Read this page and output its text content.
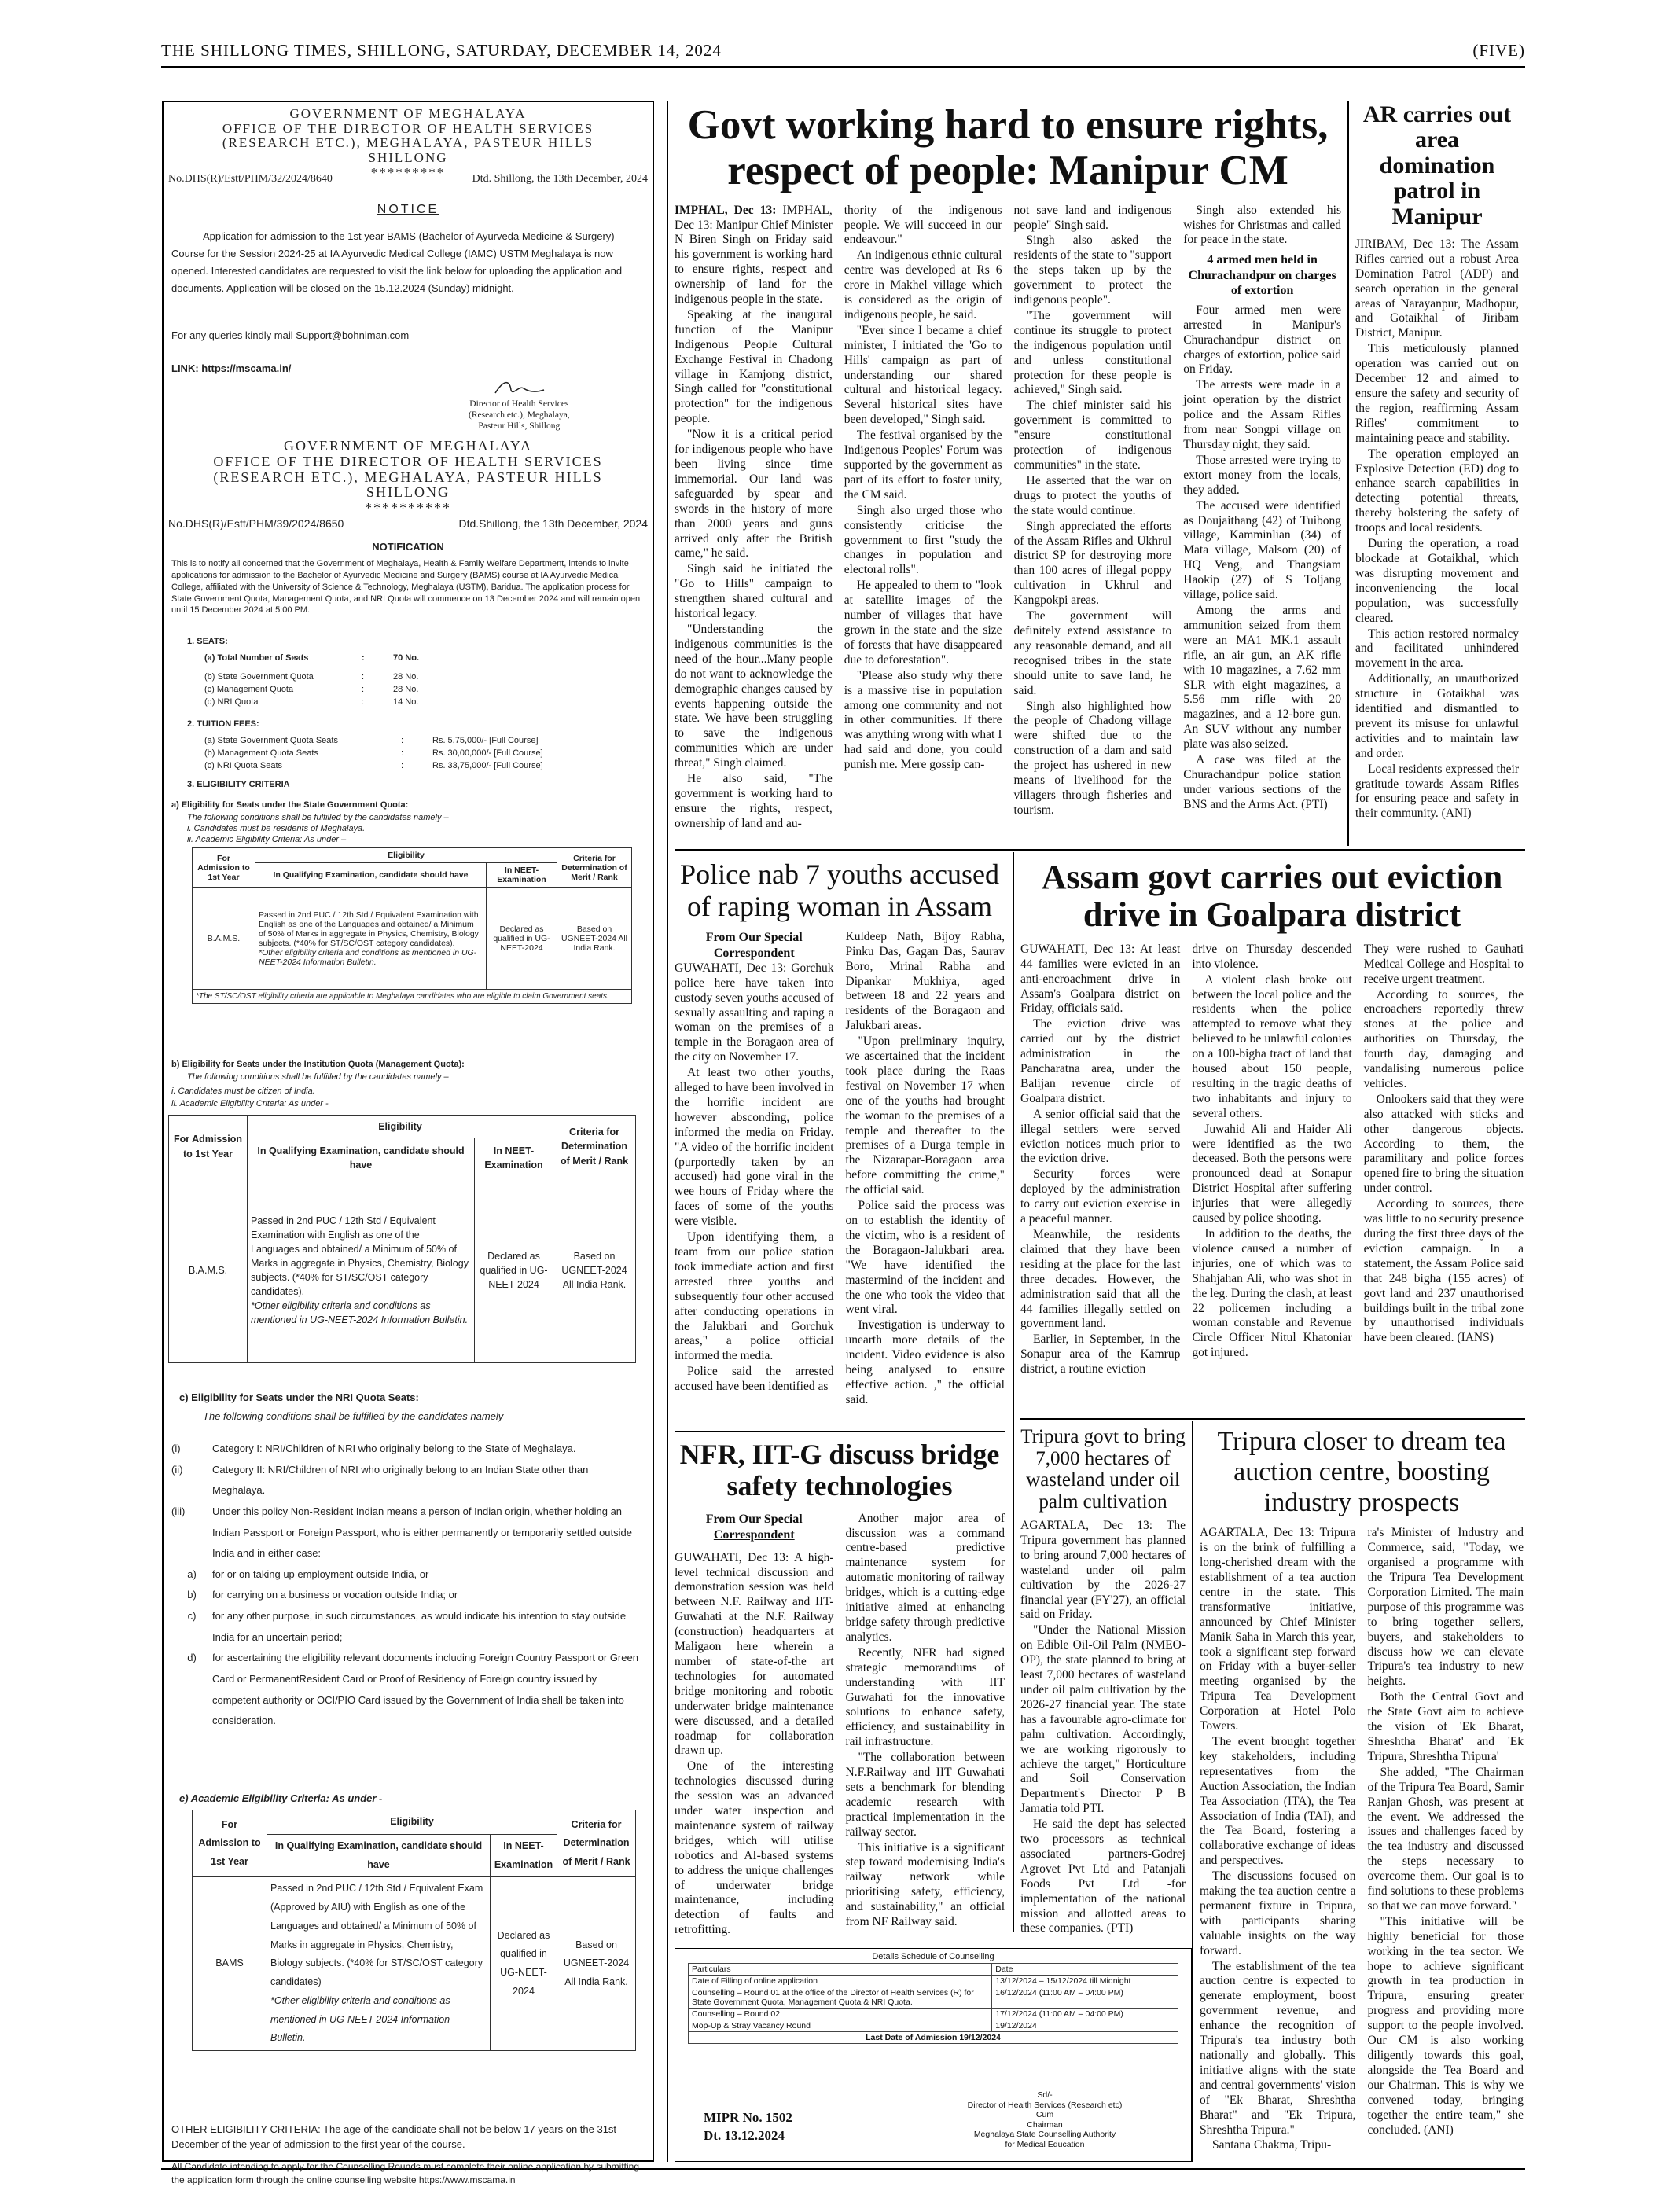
THE SHILLONG TIMES, SHILLONG, SATURDAY, DECEMBER 14, 2024	(FIVE)
GOVERNMENT OF MEGHALAYA
OFFICE OF THE DIRECTOR OF HEALTH SERVICES
(RESEARCH ETC.), MEGHALAYA, PASTEUR HILLS
SHILLONG
*********
No.DHS(R)/Estt/PHM/32/2024/8640	Dtd. Shillong, the 13th December, 2024
NOTICE
Application for admission to the 1st year BAMS (Bachelor of Ayurveda Medicine & Surgery) Course for the Session 2024-25 at IA Ayurvedic Medical College (IAMC) USTM Meghalaya is now opened. Interested candidates are requested to visit the link below for uploading the application and documents. Application will be closed on the 15.12.2024 (Sunday) midnight.
For any queries kindly mail Support@bohniman.com
LINK: https://mscama.in/
Director of Health Services
(Research etc.), Meghalaya,
Pasteur Hills, Shillong
GOVERNMENT OF MEGHALAYA
OFFICE OF THE DIRECTOR OF HEALTH SERVICES
(RESEARCH ETC.), MEGHALAYA, PASTEUR HILLS
SHILLONG
**********
No.DHS(R)/Estt/PHM/39/2024/8650	Dtd.Shillong, the 13th December, 2024
NOTIFICATION
This is to notify all concerned that the Government of Meghalaya, Health & Family Welfare Department, intends to invite applications for admission to the Bachelor of Ayurvedic Medicine and Surgery (BAMS) course at IA Ayurvedic Medical College, affiliated with the University of Science & Technology, Meghalaya (USTM), Baridua. The application process for State Government Quota, Management Quota, and NRI Quota will commence on 13 December 2024 and will remain open until 15 December 2024 at 5:00 PM.
1. SEATS:
(a) Total Number of Seats	:	70 No.
(b) State Government Quota	:	28 No.
(c) Management Quota	:	28 No.
(d) NRI Quota	:	14 No.
2. TUITION FEES:
(a) State Government Quota Seats	:	Rs. 5,75,000/- [Full Course]
(b) Management Quota Seats	:	Rs. 30,00,000/- [Full Course]
(c) NRI Quota Seats	:	Rs. 33,75,000/- [Full Course]
3. ELIGIBILITY CRITERIA
a) Eligibility for Seats under the State Government Quota:
The following conditions shall be fulfilled by the candidates namely –
i. Candidates must be residents of Meghalaya.
ii. Academic Eligibility Criteria: As under –
For Admission to 1st Year	Eligibility		Criteria for Determination of Merit / Rank
	In Qualifying Examination, candidate should have	In NEET-Examination	
B.A.M.S.	Passed in 2nd PUC / 12th Std / Equivalent Examination with English as one of the Languages and obtained/ a Minimum of 50% of Marks in aggregate in Physics, Chemistry, Biology subjects. (*40% for ST/SC/OST category candidates).
*Other eligibility criteria and conditions as mentioned in UG-NEET-2024 Information Bulletin.	Declared as qualified in UG-NEET-2024	Based on UGNEET-2024 All India Rank.
*The ST/SC/OST eligibility criteria are applicable to Meghalaya candidates who are eligible to claim Government seats.			
b) Eligibility for Seats under the Institution Quota (Management Quota):
The following conditions shall be fulfilled by the candidates namely –
i. Candidates must be citizen of India.
ii. Academic Eligibility Criteria: As under -
For Admission to 1st Year	Eligibility		Criteria for Determination of Merit / Rank
	In Qualifying Examination, candidate should have	In NEET-Examination	
B.A.M.S.	Passed in 2nd PUC / 12th Std / Equivalent Examination with English as one of the Languages and obtained/ a Minimum of 50% of Marks in aggregate in Physics, Chemistry, Biology subjects. (*40% for ST/SC/OST category candidates).
*Other eligibility criteria and conditions as mentioned in UG-NEET-2024 Information Bulletin.	Declared as qualified in UG-NEET-2024	Based on UGNEET-2024 All India Rank.
c) Eligibility for Seats under the NRI Quota Seats:
The following conditions shall be fulfilled by the candidates namely –
(i)	Category I: NRI/Children of NRI who originally belong to the State of Meghalaya.
(ii)	Category II: NRI/Children of NRI who originally belong to an Indian State other than Meghalaya.
(iii)	Under this policy Non-Resident Indian means a person of Indian origin, whether holding an Indian Passport or Foreign Passport, who is either permanently or temporarily settled outside India and in either case:
a)	for or on taking up employment outside India, or
b)	for carrying on a business or vocation outside India; or
c)	for any other purpose, in such circumstances, as would indicate his intention to stay outside India for an uncertain period;
d)	for ascertaining the eligibility relevant documents including Foreign Country Passport or Green Card or PermanentResident Card or Proof of Residency of Foreign country issued by competent authority or OCI/PIO Card issued by the Government of India shall be taken into consideration.
e) Academic Eligibility Criteria: As under -
For Admission to 1st Year	Eligibility		Criteria for Determination of Merit / Rank
	In Qualifying Examination, candidate should have	In NEET-Examination	
BAMS	Passed in 2nd PUC / 12th Std / Equivalent Exam (Approved by AIU) with English as one of the Languages and obtained/ a Minimum of 50% of Marks in aggregate in Physics, Chemistry, Biology subjects. (*40% for ST/SC/OST category candidates)
*Other eligibility criteria and conditions as mentioned in UG-NEET-2024 Information Bulletin.	Declared as qualified in UG-NEET-2024	Based on UGNEET-2024 All India Rank.
OTHER ELIGIBILITY CRITERIA: The age of the candidate shall not be below 17 years on the 31st December of the year of admission to the first year of the course.
All Candidate intending to apply for the Counselling Rounds must complete their online application by submitting the application form through the online counselling website https://www.mscama.in
Govt working hard to ensure rights, respect of people: Manipur CM

IMPHAL, Dec 13: IMPHAL, Dec 13: Manipur Chief Minister N Biren Singh on Friday said his government is working hard to ensure rights, respect and ownership of land for the indigenous people in the state.

Speaking at the inaugural function of the Manipur Indigenous People Cultural Exchange Festival in Chadong village in Kamjong district, Singh called for "constitutional protection" for the indigenous people.

"Now it is a critical period for indigenous people who have been living since time immemorial. Our land was safeguarded by spear and swords in the history of more than 2000 years and guns arrived only after the British came," he said.

Singh said he initiated the "Go to Hills" campaign to strengthen shared cultural and historical legacy.

"Understanding the indigenous communities is the need of the hour...Many people do not want to acknowledge the demographic changes caused by events happening outside the state. We have been struggling to save the indigenous communities which are under threat," Singh claimed.

He also said, "The government is working hard to ensure the rights, respect, ownership of land and au-

thority of the indigenous people. We will succeed in our endeavour."

An indigenous ethnic cultural centre was developed at Rs 6 crore in Makhel village which is considered as the origin of indigenous people, he said.

"Ever since I became a chief minister, I initiated the 'Go to Hills' campaign as part of understanding our shared cultural and historical legacy. Several historical sites have been developed," Singh said.

The festival organised by the Indigenous Peoples' Forum was supported by the government as part of its effort to foster unity, the CM said.

Singh also urged those who consistently criticise the government to first "study the changes in population and electoral rolls".

He appealed to them to "look at satellite images of the number of villages that have grown in the state and the size of forests that have disappeared due to deforestation".

"Please also study why there is a massive rise in population among one community and not in other communities. If there was anything wrong with what I had said and done, you could punish me. Mere gossip can-

not save land and indigenous people" Singh said.

Singh also asked the residents of the state to "support the steps taken up by the government to protect the indigenous people".

"The government will continue its struggle to protect the indigenous population until and unless constitutional protection for these people is achieved," Singh said.

The chief minister said his government is committed to "ensure constitutional protection of indigenous communities" in the state.

He asserted that the war on drugs to protect the youths of the state would continue.

Singh appreciated the efforts of the Assam Rifles and Ukhrul district SP for destroying more than 100 acres of illegal poppy cultivation in Ukhrul and Kangpokpi areas.

The government will definitely extend assistance to any reasonable demand, and all recognised tribes in the state should unite to save land, he said.

Singh also highlighted how the people of Chadong village were shifted due to the construction of a dam and said the project has ushered in new means of livelihood for the villagers through fisheries and tourism.

Singh also extended his wishes for Christmas and called for peace in the state.

4 armed men held in Churachandpur on charges of extortion

Four armed men were arrested in Manipur's Churachandpur district on charges of extortion, police said on Friday.

The arrests were made in a joint operation by the district police and the Assam Rifles from near Songpi village on Thursday night, they said.

Those arrested were trying to extort money from the locals, they added.

The accused were identified as Doujaithang (42) of Tuibong village, Kamminlian (34) of Mata village, Malsom (20) of HQ Veng, and Thangsiam Haokip (27) of S Toljang village, police said.

Among the arms and ammunition seized from them were an MA1 MK.1 assault rifle, an air gun, an AK rifle with 10 magazines, a 7.62 mm SLR with eight magazines, a 5.56 mm rifle with 20 magazines, and a 12-bore gun. An SUV without any number plate was also seized.

A case was filed at the Churachandpur police station under various sections of the BNS and the Arms Act. (PTI)

AR carries out area domination patrol in Manipur

JIRIBAM, Dec 13: The Assam Rifles carried out a robust Area Domination Patrol (ADP) and search operation in the general areas of Narayanpur, Madhopur, and Gotaikhal of Jiribam District, Manipur.

This meticulously planned operation was carried out on December 12 and aimed to ensure the safety and security of the region, reaffirming Assam Rifles' commitment to maintaining peace and stability.

The operation employed an Explosive Detection (ED) dog to enhance search capabilities in detecting potential threats, thereby bolstering the safety of troops and local residents.

During the operation, a road blockade at Gotaikhal, which was disrupting movement and inconveniencing the local population, was successfully cleared.

This action restored normalcy and facilitated unhindered movement in the area.

Additionally, an unauthorized structure in Gotaikhal was identified and dismantled to prevent its misuse for unlawful activities and to maintain law and order.

Local residents expressed their gratitude towards Assam Rifles for ensuring peace and safety in their community. (ANI)

Police nab 7 youths accused of raping woman in Assam
From Our Special
Correspondent

GUWAHATI, Dec 13: Gorchuk police here have taken into custody seven youths accused of sexually assaulting and raping a woman on the premises of a temple in the Boragaon area of the city on November 17.

At least two other youths, alleged to have been involved in the horrific incident are however absconding, police informed the media on Friday. "A video of the horrific incident (purportedly taken by an accused) had gone viral in the wee hours of Friday where the faces of some of the youths were visible.

Upon identifying them, a team from our police station took immediate action and first arrested three youths and subsequently four other accused after conducting operations in the Jalukbari and Gorchuk areas," a police official informed the media.

Police said the arrested accused have been identified as

Kuldeep Nath, Bijoy Rabha, Pinku Das, Gagan Das, Saurav Boro, Mrinal Rabha and Dipankar Mukhiya, aged between 18 and 22 years and residents of the Boragaon and Jalukbari areas.

"Upon preliminary inquiry, we ascertained that the incident took place during the Raas festival on November 17 when one of the youths had brought the woman to the premises of a temple and thereafter to the premises of a Durga temple in the Nizarapar-Boragaon area before committing the crime," the official said.

Police said the process was on to establish the identity of the victim, who is a resident of the Boragaon-Jalukbari area. "We have identified the mastermind of the incident and the one who took the video that went viral.

Investigation is underway to unearth more details of the incident. Video evidence is also being analysed to ensure effective action. ," the official said.

Assam govt carries out eviction drive in Goalpara district

GUWAHATI, Dec 13: At least 44 families were evicted in an anti-encroachment drive in Assam's Goalpara district on Friday, officials said.

The eviction drive was carried out by the district administration in the Pancharatna area, under the Balijan revenue circle of Goalpara district.

A senior official said that the illegal settlers were served eviction notices much prior to the eviction drive.

Security forces were deployed by the administration to carry out eviction exercise in a peaceful manner.

Meanwhile, the residents claimed that they have been residing at the place for the last three decades. However, the administration said that all the 44 families illegally settled on government land.

Earlier, in September, in the Sonapur area of the Kamrup district, a routine eviction

drive on Thursday descended into violence.

A violent clash broke out between the local police and the residents when the police attempted to remove what they believed to be unlawful colonies on a 100-bigha tract of land that housed about 150 people, resulting in the tragic deaths of two inhabitants and injury to several others.

Juwahid Ali and Haider Ali were identified as the two deceased. Both the persons were pronounced dead at Sonapur District Hospital after suffering injuries that were allegedly caused by police shooting.

In addition to the deaths, the violence caused a number of injuries, one of which was to Shahjahan Ali, who was shot in the leg. During the clash, at least 22 policemen including a woman constable and Revenue Circle Officer Nitul Khatoniar got injured.

They were rushed to Gauhati Medical College and Hospital to receive urgent treatment.

According to sources, the encroachers reportedly threw stones at the police and authorities on Thursday, the fourth day, damaging and vandalising numerous police vehicles.

Onlookers said that they were also attacked with sticks and other dangerous objects. According to them, the paramilitary and police forces opened fire to bring the situation under control.

According to sources, there was little to no security presence during the first three days of the eviction campaign. In a statement, the Assam Police said that 248 bigha (155 acres) of govt land and 237 unauthorised buildings built in the tribal zone by unauthorised individuals have been cleared. (IANS)

NFR, IIT-G discuss bridge safety technologies
From Our Special
Correspondent

GUWAHATI, Dec 13: A high-level technical discussion and demonstration session was held between N.F. Railway and IIT-Guwahati at the N.F. Railway (construction) headquarters at Maligaon here wherein a number of state-of-the art technologies for automated bridge monitoring and robotic underwater bridge maintenance were discussed, and a detailed roadmap for collaboration drawn up.

One of the interesting technologies discussed during the session was an advanced under water inspection and maintenance system of railway bridges, which will utilise robotics and AI-based systems to address the unique challenges of underwater bridge maintenance, including detection of faults and retrofitting.

Another major area of discussion was a command centre-based predictive maintenance system for automatic monitoring of railway bridges, which is a cutting-edge initiative aimed at enhancing bridge safety through predictive analytics.

Recently, NFR had signed strategic memorandums of understanding with IIT Guwahati for the innovative solutions to enhance safety, efficiency, and sustainability in rail infrastructure.

"The collaboration between N.F.Railway and IIT Guwahati sets a benchmark for blending academic research with practical implementation in the railway sector.

This initiative is a significant step toward modernising India's railway network while prioritising safety, efficiency, and sustainability," an official from NF Railway said.

Tripura govt to bring 7,000 hectares of wasteland under oil palm cultivation

AGARTALA, Dec 13: The Tripura government has planned to bring around 7,000 hectares of wasteland under oil palm cultivation by the 2026-27 financial year (FY'27), an official said on Friday.

"Under the National Mission on Edible Oil-Oil Palm (NMEO-OP), the state planned to bring at least 7,000 hectares of wasteland under oil palm cultivation by the 2026-27 financial year. The state has a favourable agro-climate for palm cultivation. Accordingly, we are working rigorously to achieve the target," Horticulture and Soil Conservation Department's Director P B Jamatia told PTI.

He said the dept has selected two processors as technical associated partners-Godrej Agrovet Pvt Ltd and Patanjali Foods Pvt Ltd -for implementation of the national mission and allotted areas to these companies. (PTI)

Tripura closer to dream tea auction centre, boosting industry prospects

AGARTALA, Dec 13: Tripura is on the brink of fulfilling a long-cherished dream with the establishment of a tea auction centre in the state. This transformative initiative, announced by Chief Minister Manik Saha in March this year, took a significant step forward on Friday with a buyer-seller meeting organised by the Tripura Tea Development Corporation at Hotel Polo Towers.

The event brought together key stakeholders, including representatives from the Auction Association, the Indian Tea Association (ITA), the Tea Association of India (TAI), and the Tea Board, fostering a collaborative exchange of ideas and perspectives.

The discussions focused on making the tea auction centre a permanent fixture in Tripura, with participants sharing valuable insights on the way forward.

The establishment of the tea auction centre is expected to generate employment, boost government revenue, and enhance the recognition of Tripura's tea industry both nationally and globally. This initiative aligns with the state and central governments' vision of "Ek Bharat, Shreshtha Bharat" and "Ek Tripura, Shreshtha Tripura."

Santana Chakma, Tripu-

ra's Minister of Industry and Commerce, said, "Today, we organised a programme with the Tripura Tea Development Corporation Limited. The main purpose of this programme was to bring together sellers, buyers, and stakeholders to discuss how we can elevate Tripura's tea industry to new heights.

Both the Central Govt and the State Govt aim to achieve the vision of 'Ek Bharat, Shreshtha Bharat' and 'Ek Tripura, Shreshtha Tripura'

She added, "The Chairman of the Tripura Tea Board, Samir Ranjan Ghosh, was present at the event. We addressed the issues and challenges faced by the tea industry and discussed the steps necessary to overcome them. Our goal is to find solutions to these problems so that we can move forward."

"This initiative will be highly beneficial for those working in the tea sector. We hope to achieve significant growth in tea production in Tripura, ensuring greater progress and providing more support to the people involved. Our CM is also working diligently towards this goal, alongside the Tea Board and our Chairman. This is why we convened today, bringing together the entire team," she concluded. (ANI)

Details Schedule of Counselling
Particulars	Date
Date of Filling of online application	13/12/2024 – 15/12/2024 till Midnight
Counselling – Round 01 at the office of the Director of Health Services (R) for State Government Quota, Management Quota & NRI Quota.	16/12/2024 (11:00 AM – 04:00 PM)
Counselling – Round 02	17/12/2024 (11:00 AM – 04:00 PM)
Mop-Up & Stray Vacancy Round	19/12/2024
Last Date of Admission 19/12/2024	
MIPR No. 1502
Dt. 13.12.2024
Sd/-
Director of Health Services (Research etc)
Cum
Chairman
Meghalaya State Counselling Authority
for Medical Education
